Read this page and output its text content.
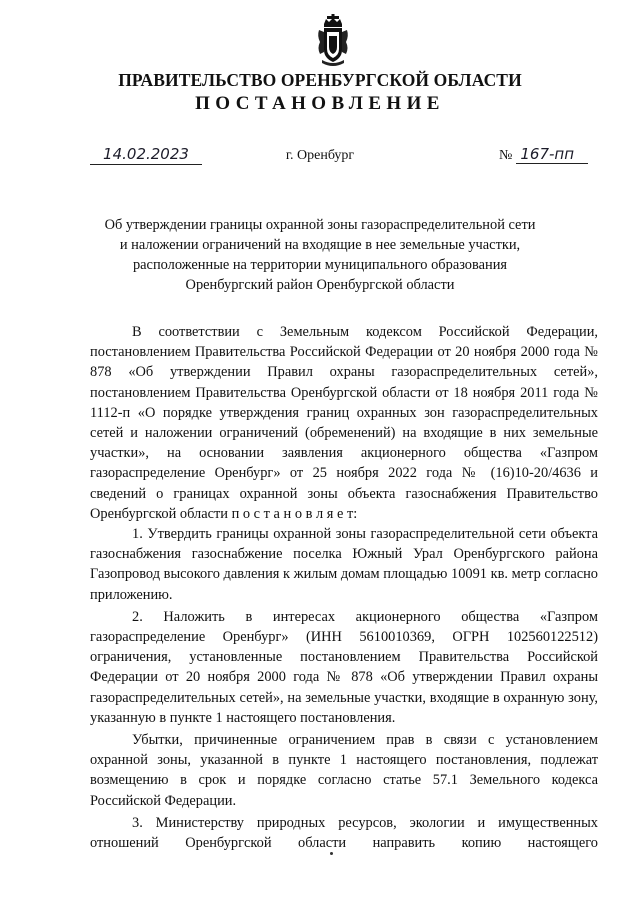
ПРАВИТЕЛЬСТВО ОРЕНБУРГСКОЙ ОБЛАСТИ
ПОСТАНОВЛЕНИЕ
14.02.2023	г. Оренбург	№ 167-пп
Об утверждении границы охранной зоны газораспределительной сети и наложении ограничений на входящие в нее земельные участки, расположенные на территории муниципального образования Оренбургский район Оренбургской области

В соответствии с Земельным кодексом Российской Федерации, постановлением Правительства Российской Федерации от 20 ноября 2000 года № 878 «Об утверждении Правил охраны газораспределительных сетей», постановлением Правительства Оренбургской области от 18 ноября 2011 года № 1112-п «О порядке утверждения границ охранных зон газораспределительных сетей и наложении ограничений (обременений) на входящие в них земельные участки», на основании заявления акционерного общества «Газпром газораспределение Оренбург» от 25 ноября 2022 года № (16)10-20/4636 и сведений о границах охранной зоны объекта газоснабжения Правительство Оренбургской области п о с т а н о в л я е т:

1. Утвердить границы охранной зоны газораспределительной сети объекта газоснабжения газоснабжение поселка Южный Урал Оренбургского района Газопровод высокого давления к жилым домам площадью 10091 кв. метр согласно приложению.

2. Наложить в интересах акционерного общества «Газпром газораспределение Оренбург» (ИНН 5610010369, ОГРН 102560122512) ограничения, установленные постановлением Правительства Российской Федерации от 20 ноября 2000 года № 878 «Об утверждении Правил охраны газораспределительных сетей», на земельные участки, входящие в охранную зону, указанную в пункте 1 настоящего постановления.

Убытки, причиненные ограничением прав в связи с установлением охранной зоны, указанной в пункте 1 настоящего постановления, подлежат возмещению в срок и порядке согласно статье 57.1 Земельного кодекса Российской Федерации.

3. Министерству природных ресурсов, экологии и имущественных отношений Оренбургской области направить копию настоящего
